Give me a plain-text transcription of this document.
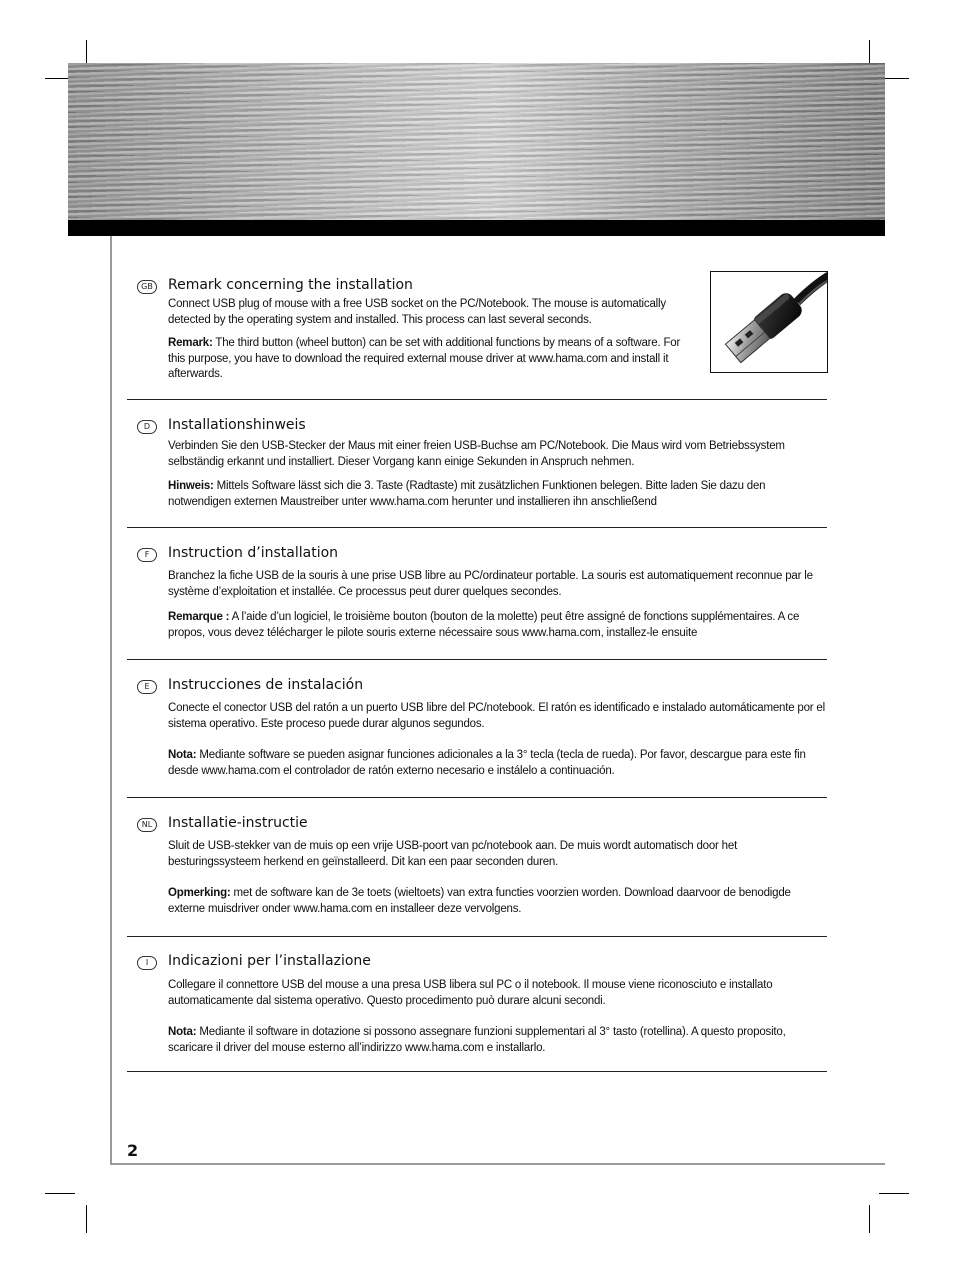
GB Remark concerning the installation

Connect USB plug of mouse with a free USB socket on the PC/Notebook. The mouse is automatically detected by the operating system and installed. This process can last several seconds.

Remark: The third button (wheel button) can be set with additional functions by means of a software. For this purpose, you have to download the required external mouse driver at www.hama.com and install it afterwards.

D	Installationshinweis

Verbinden Sie den USB-Stecker der Maus mit einer freien USB-Buchse am PC/Notebook. Die Maus wird vom Betriebssystem selbständig erkannt und installiert. Dieser Vorgang kann einige Sekunden in Anspruch nehmen.

Hinweis: Mittels Software lässt sich die 3. Taste (Radtaste) mit zusätzlichen Funktionen belegen. Bitte laden Sie dazu den notwendigen externen Maustreiber unter www.hama.com herunter und installieren ihn anschließend

F	Instruction d’installation

Branchez la fiche USB de la souris à une prise USB libre au PC/ordinateur portable. La souris est automatiquement reconnue par le système d’exploitation et installée. Ce processus peut durer quelques secondes.

Remarque : A l’aide d’un logiciel, le troisième bouton (bouton de la molette) peut être assigné de fonctions supplémentaires. A ce propos, vous devez télécharger le pilote souris externe nécessaire sous www.hama.com, installez-le ensuite

E	Instrucciones de instalación

Conecte el conector USB del ratón a un puerto USB libre del PC/notebook. El ratón es identificado e instalado automáticamente por el sistema operativo. Este proceso puede durar algunos segundos.

Nota: Mediante software se pueden asignar funciones adicionales a la 3° tecla (tecla de rueda). Por favor, descargue para este fin desde www.hama.com el controlador de ratón externo necesario e instálelo a continuación.

NL	Installatie-instructie

Sluit de USB-stekker van de muis op een vrije USB-poort van pc/notebook aan. De muis wordt automatisch door het besturingssysteem herkend en geïnstalleerd. Dit kan een paar seconden duren.

Opmerking: met de software kan de 3e toets (wieltoets) van extra functies voorzien worden. Download daarvoor de benodigde externe muisdriver onder www.hama.com en installeer deze vervolgens.

I	Indicazioni per l’installazione

Collegare il connettore USB del mouse a una presa USB libera sul PC o il notebook. Il mouse viene riconosciuto e installato automaticamente dal sistema operativo. Questo procedimento può durare alcuni secondi.

Nota: Mediante il software in dotazione si possono assegnare funzioni supplementari al 3° tasto (rotellina). A questo proposito, scaricare il driver del mouse esterno all’indirizzo www.hama.com e installarlo.

2
